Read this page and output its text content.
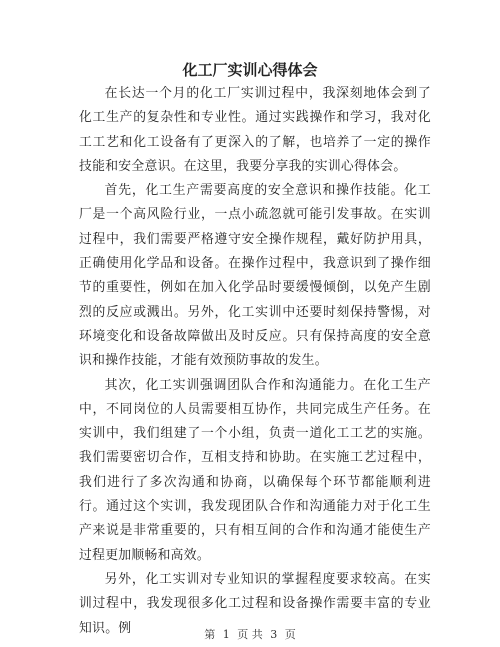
化工厂实训心得体会

在长达一个月的化工厂实训过程中，我深刻地体会到了化工生产的复杂性和专业性。通过实践操作和学习，我对化工工艺和化工设备有了更深入的了解，也培养了一定的操作技能和安全意识。在这里，我要分享我的实训心得体会。

首先，化工生产需要高度的安全意识和操作技能。化工厂是一个高风险行业，一点小疏忽就可能引发事故。在实训过程中，我们需要严格遵守安全操作规程，戴好防护用具，正确使用化学品和设备。在操作过程中，我意识到了操作细节的重要性，例如在加入化学品时要缓慢倾倒，以免产生剧烈的反应或溅出。另外，化工实训中还要时刻保持警惕，对环境变化和设备故障做出及时反应。只有保持高度的安全意识和操作技能，才能有效预防事故的发生。

其次，化工实训强调团队合作和沟通能力。在化工生产中，不同岗位的人员需要相互协作，共同完成生产任务。在实训中，我们组建了一个小组，负责一道化工工艺的实施。我们需要密切合作，互相支持和协助。在实施工艺过程中，我们进行了多次沟通和协商，以确保每个环节都能顺利进行。通过这个实训，我发现团队合作和沟通能力对于化工生产来说是非常重要的，只有相互间的合作和沟通才能使生产过程更加顺畅和高效。

另外，化工实训对专业知识的掌握程度要求较高。在实训过程中，我发现很多化工过程和设备操作需要丰富的专业知识。例	第 1 页 共 3 页
